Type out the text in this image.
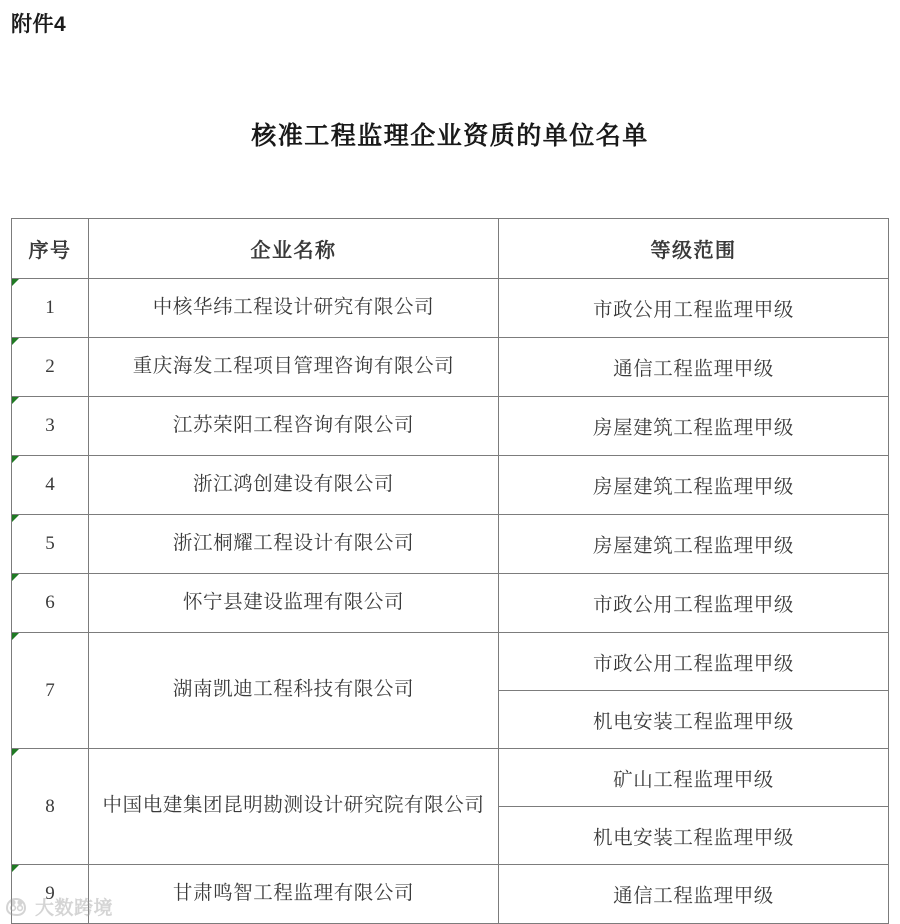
附件4
核准工程监理企业资质的单位名单
序号	企业名称	等级范围
1	中核华纬工程设计研究有限公司	市政公用工程监理甲级
2	重庆海发工程项目管理咨询有限公司	通信工程监理甲级
3	江苏荣阳工程咨询有限公司	房屋建筑工程监理甲级
4	浙江鸿创建设有限公司	房屋建筑工程监理甲级
5	浙江桐耀工程设计有限公司	房屋建筑工程监理甲级
6	怀宁县建设监理有限公司	市政公用工程监理甲级
7	湖南凯迪工程科技有限公司	市政公用工程监理甲级
		机电安装工程监理甲级
8	中国电建集团昆明勘测设计研究院有限公司	矿山工程监理甲级
		机电安装工程监理甲级
9	甘肃鸣智工程监理有限公司	通信工程监理甲级
大数跨境
